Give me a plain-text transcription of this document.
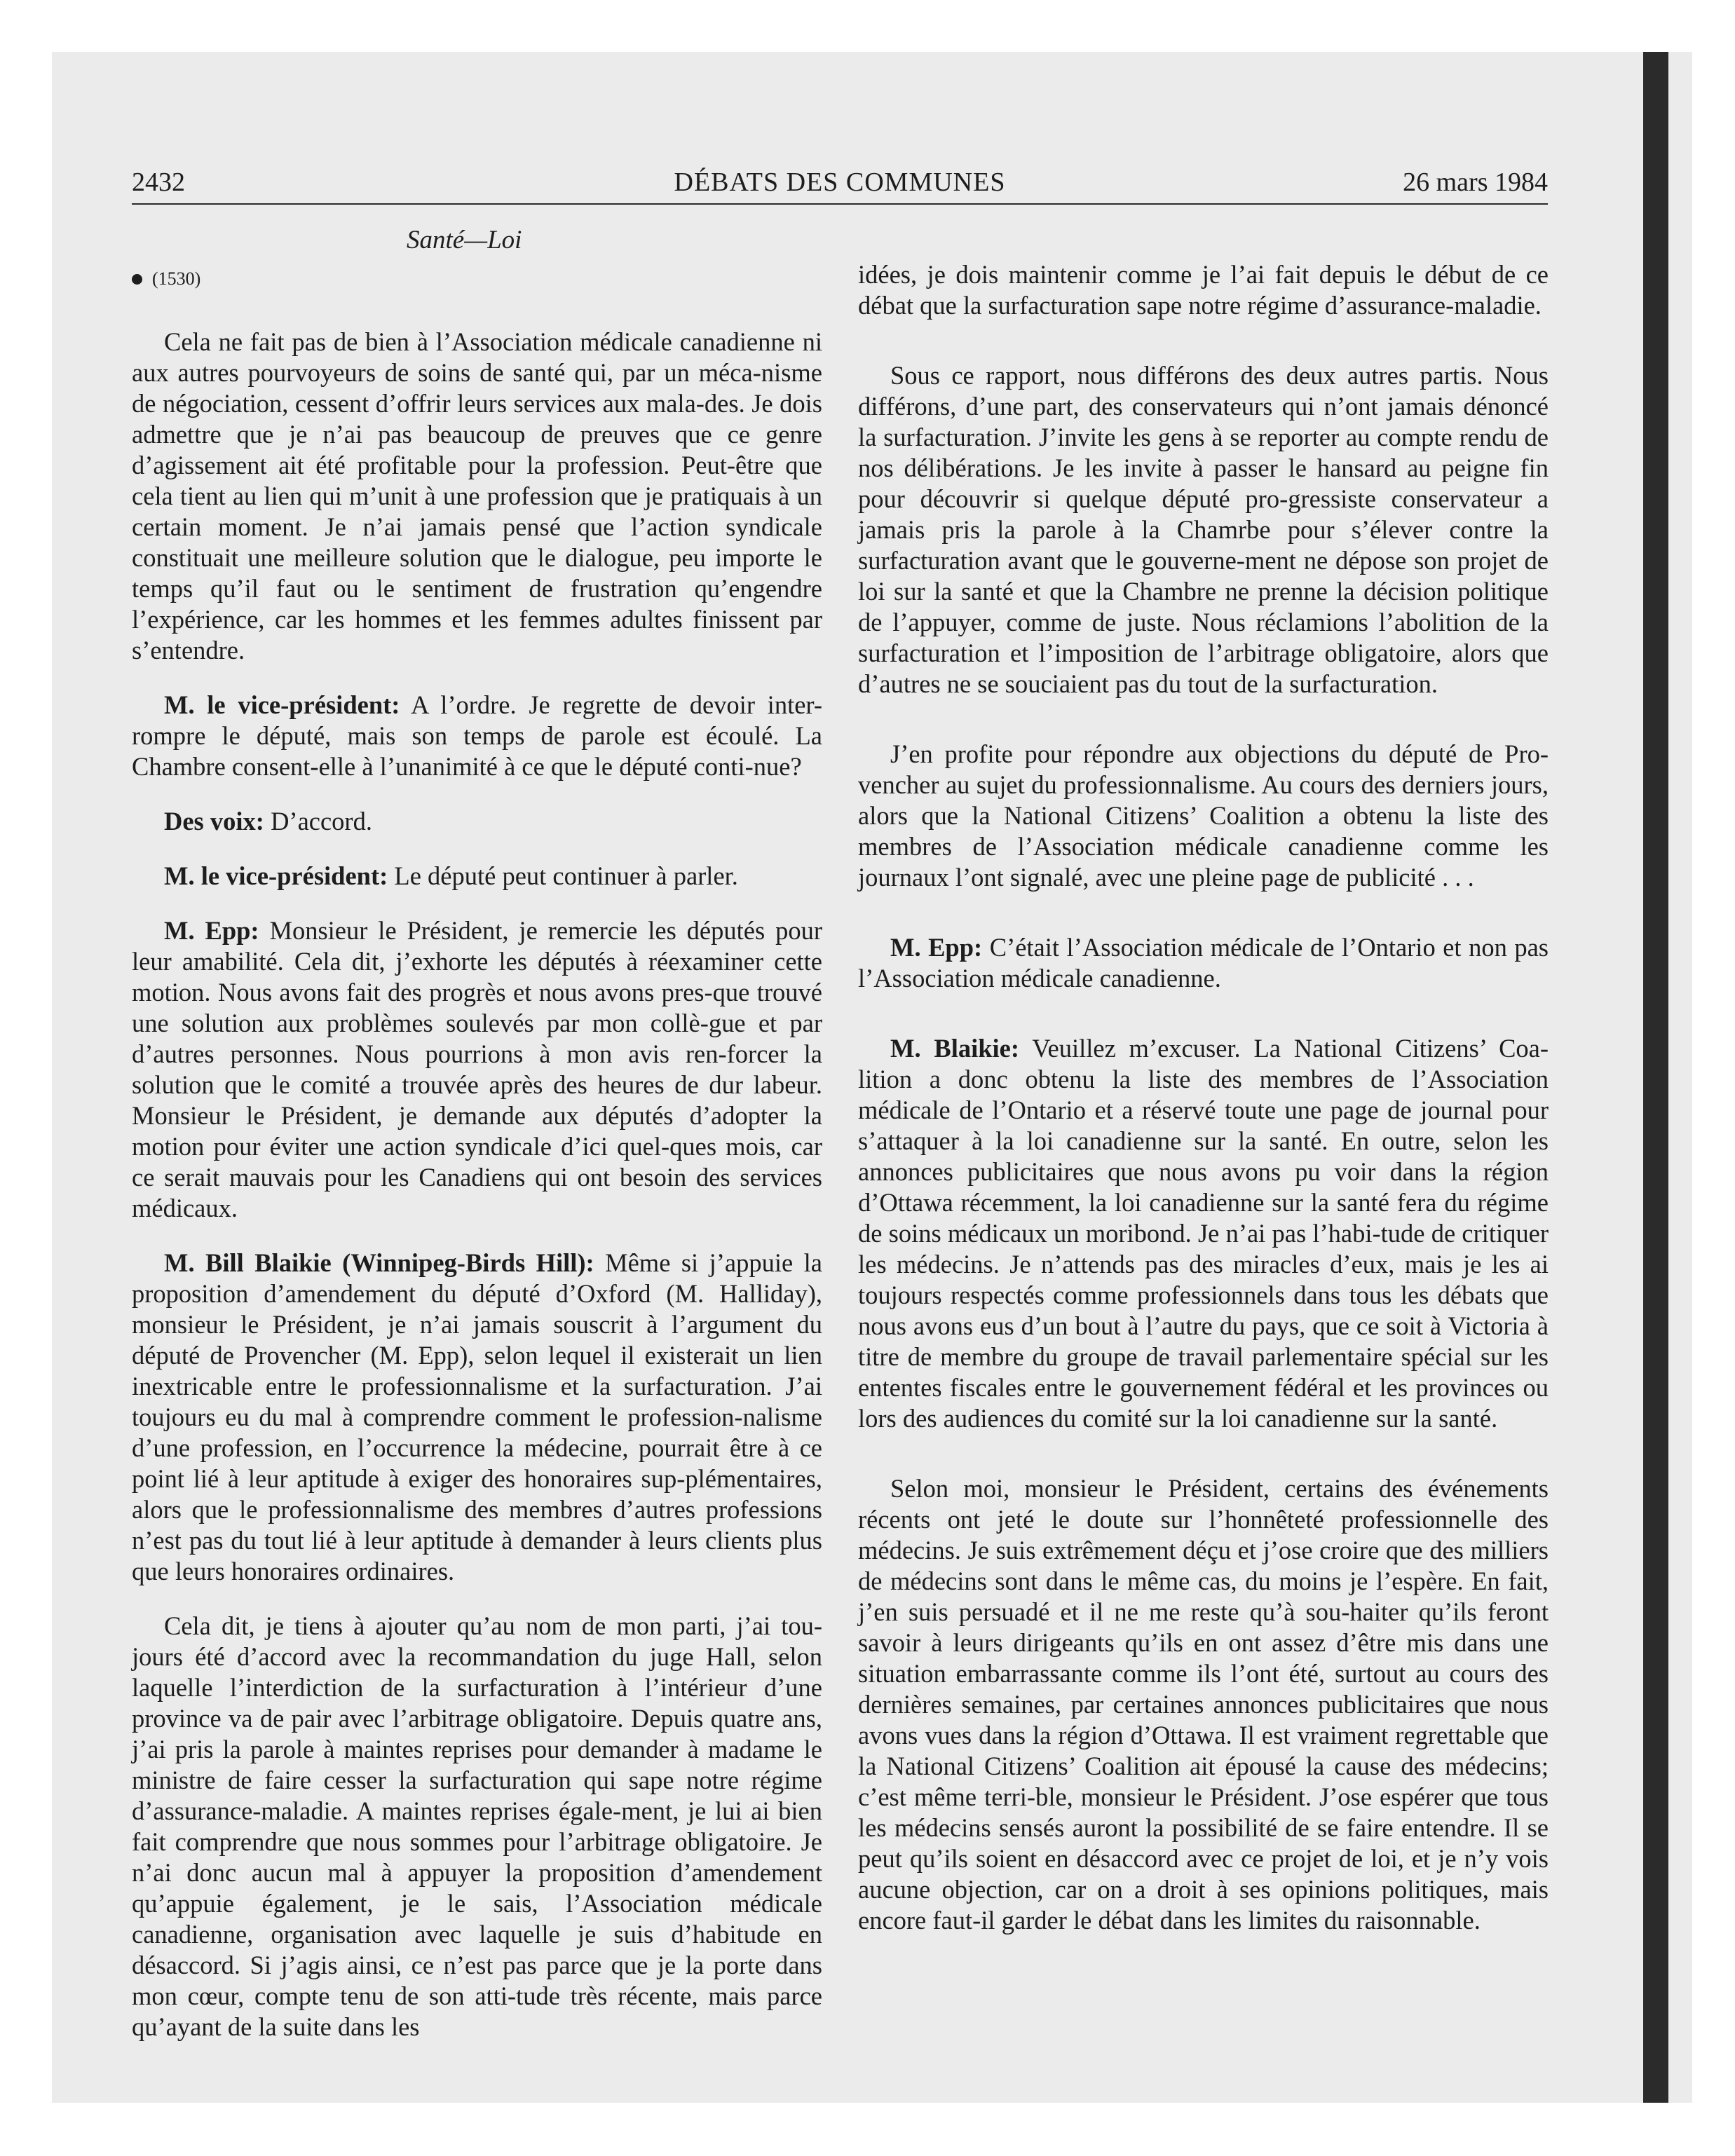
2432	DÉBATS DES COMMUNES	26 mars 1984
Santé—Loi
(1530)

Cela ne fait pas de bien à l’Association médicale canadienne ni aux autres pourvoyeurs de soins de santé qui, par un méca-nisme de négociation, cessent d’offrir leurs services aux mala-des. Je dois admettre que je n’ai pas beaucoup de preuves que ce genre d’agissement ait été profitable pour la profession. Peut-être que cela tient au lien qui m’unit à une profession que je pratiquais à un certain moment. Je n’ai jamais pensé que l’action syndicale constituait une meilleure solution que le dialogue, peu importe le temps qu’il faut ou le sentiment de frustration qu’engendre l’expérience, car les hommes et les femmes adultes finissent par s’entendre.

M. le vice-président: A l’ordre. Je regrette de devoir inter-rompre le député, mais son temps de parole est écoulé. La Chambre consent-elle à l’unanimité à ce que le député conti-nue?

Des voix: D’accord.

M. le vice-président: Le député peut continuer à parler.

M. Epp: Monsieur le Président, je remercie les députés pour leur amabilité. Cela dit, j’exhorte les députés à réexaminer cette motion. Nous avons fait des progrès et nous avons pres-que trouvé une solution aux problèmes soulevés par mon collè-gue et par d’autres personnes. Nous pourrions à mon avis ren-forcer la solution que le comité a trouvée après des heures de dur labeur. Monsieur le Président, je demande aux députés d’adopter la motion pour éviter une action syndicale d’ici quel-ques mois, car ce serait mauvais pour les Canadiens qui ont besoin des services médicaux.

M. Bill Blaikie (Winnipeg-Birds Hill): Même si j’appuie la proposition d’amendement du député d’Oxford (M. Halliday), monsieur le Président, je n’ai jamais souscrit à l’argument du député de Provencher (M. Epp), selon lequel il existerait un lien inextricable entre le professionnalisme et la surfacturation. J’ai toujours eu du mal à comprendre comment le profession-nalisme d’une profession, en l’occurrence la médecine, pourrait être à ce point lié à leur aptitude à exiger des honoraires sup-plémentaires, alors que le professionnalisme des membres d’autres professions n’est pas du tout lié à leur aptitude à demander à leurs clients plus que leurs honoraires ordinaires.

Cela dit, je tiens à ajouter qu’au nom de mon parti, j’ai tou-jours été d’accord avec la recommandation du juge Hall, selon laquelle l’interdiction de la surfacturation à l’intérieur d’une province va de pair avec l’arbitrage obligatoire. Depuis quatre ans, j’ai pris la parole à maintes reprises pour demander à madame le ministre de faire cesser la surfacturation qui sape notre régime d’assurance-maladie. A maintes reprises égale-ment, je lui ai bien fait comprendre que nous sommes pour l’arbitrage obligatoire. Je n’ai donc aucun mal à appuyer la proposition d’amendement qu’appuie également, je le sais, l’Association médicale canadienne, organisation avec laquelle je suis d’habitude en désaccord. Si j’agis ainsi, ce n’est pas parce que je la porte dans mon cœur, compte tenu de son atti-tude très récente, mais parce qu’ayant de la suite dans les

idées, je dois maintenir comme je l’ai fait depuis le début de ce débat que la surfacturation sape notre régime d’assurance-maladie.

Sous ce rapport, nous différons des deux autres partis. Nous différons, d’une part, des conservateurs qui n’ont jamais dénoncé la surfacturation. J’invite les gens à se reporter au compte rendu de nos délibérations. Je les invite à passer le hansard au peigne fin pour découvrir si quelque député pro-gressiste conservateur a jamais pris la parole à la Chamrbe pour s’élever contre la surfacturation avant que le gouverne-ment ne dépose son projet de loi sur la santé et que la Chambre ne prenne la décision politique de l’appuyer, comme de juste. Nous réclamions l’abolition de la surfacturation et l’imposition de l’arbitrage obligatoire, alors que d’autres ne se souciaient pas du tout de la surfacturation.

J’en profite pour répondre aux objections du député de Pro-vencher au sujet du professionnalisme. Au cours des derniers jours, alors que la National Citizens’ Coalition a obtenu la liste des membres de l’Association médicale canadienne comme les journaux l’ont signalé, avec une pleine page de publicité . . .

M. Epp: C’était l’Association médicale de l’Ontario et non pas l’Association médicale canadienne.

M. Blaikie: Veuillez m’excuser. La National Citizens’ Coa-lition a donc obtenu la liste des membres de l’Association médicale de l’Ontario et a réservé toute une page de journal pour s’attaquer à la loi canadienne sur la santé. En outre, selon les annonces publicitaires que nous avons pu voir dans la région d’Ottawa récemment, la loi canadienne sur la santé fera du régime de soins médicaux un moribond. Je n’ai pas l’habi-tude de critiquer les médecins. Je n’attends pas des miracles d’eux, mais je les ai toujours respectés comme professionnels dans tous les débats que nous avons eus d’un bout à l’autre du pays, que ce soit à Victoria à titre de membre du groupe de travail parlementaire spécial sur les ententes fiscales entre le gouvernement fédéral et les provinces ou lors des audiences du comité sur la loi canadienne sur la santé.

Selon moi, monsieur le Président, certains des événements récents ont jeté le doute sur l’honnêteté professionnelle des médecins. Je suis extrêmement déçu et j’ose croire que des milliers de médecins sont dans le même cas, du moins je l’espère. En fait, j’en suis persuadé et il ne me reste qu’à sou-haiter qu’ils feront savoir à leurs dirigeants qu’ils en ont assez d’être mis dans une situation embarrassante comme ils l’ont été, surtout au cours des dernières semaines, par certaines annonces publicitaires que nous avons vues dans la région d’Ottawa. Il est vraiment regrettable que la National Citizens’ Coalition ait épousé la cause des médecins; c’est même terri-ble, monsieur le Président. J’ose espérer que tous les médecins sensés auront la possibilité de se faire entendre. Il se peut qu’ils soient en désaccord avec ce projet de loi, et je n’y vois aucune objection, car on a droit à ses opinions politiques, mais encore faut-il garder le débat dans les limites du raisonnable.
